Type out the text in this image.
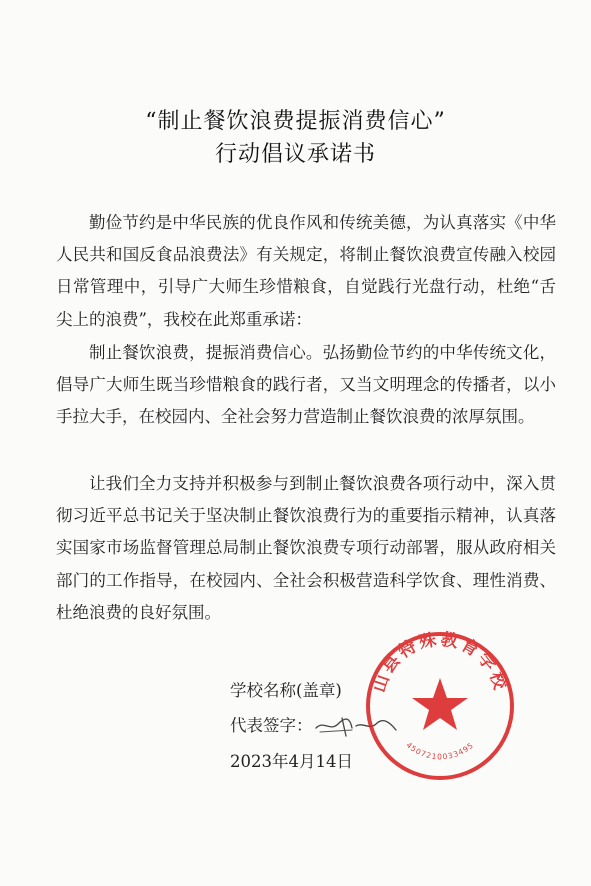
“制止餐饮浪费提振消费信心”
行动倡议承诺书

勤俭节约是中华民族的优良作风和传统美德，为认真落实《中华人民共和国反食品浪费法》有关规定，将制止餐饮浪费宣传融入校园日常管理中，引导广大师生珍惜粮食，自觉践行光盘行动，杜绝“舌尖上的浪费”，我校在此郑重承诺：

制止餐饮浪费，提振消费信心。弘扬勤俭节约的中华传统文化，倡导广大师生既当珍惜粮食的践行者，又当文明理念的传播者，以小手拉大手，在校园内、全社会努力营造制止餐饮浪费的浓厚氛围。

让我们全力支持并积极参与到制止餐饮浪费各项行动中，深入贯彻习近平总书记关于坚决制止餐饮浪费行为的重要指示精神，认真落实国家市场监督管理总局制止餐饮浪费专项行动部署，服从政府相关部门的工作指导，在校园内、全社会积极营造科学饮食、理性消费、杜绝浪费的良好氛围。

学校名称(盖章)
代表签字：
2023年4月14日
山县特殊教育学校
4507210033495
